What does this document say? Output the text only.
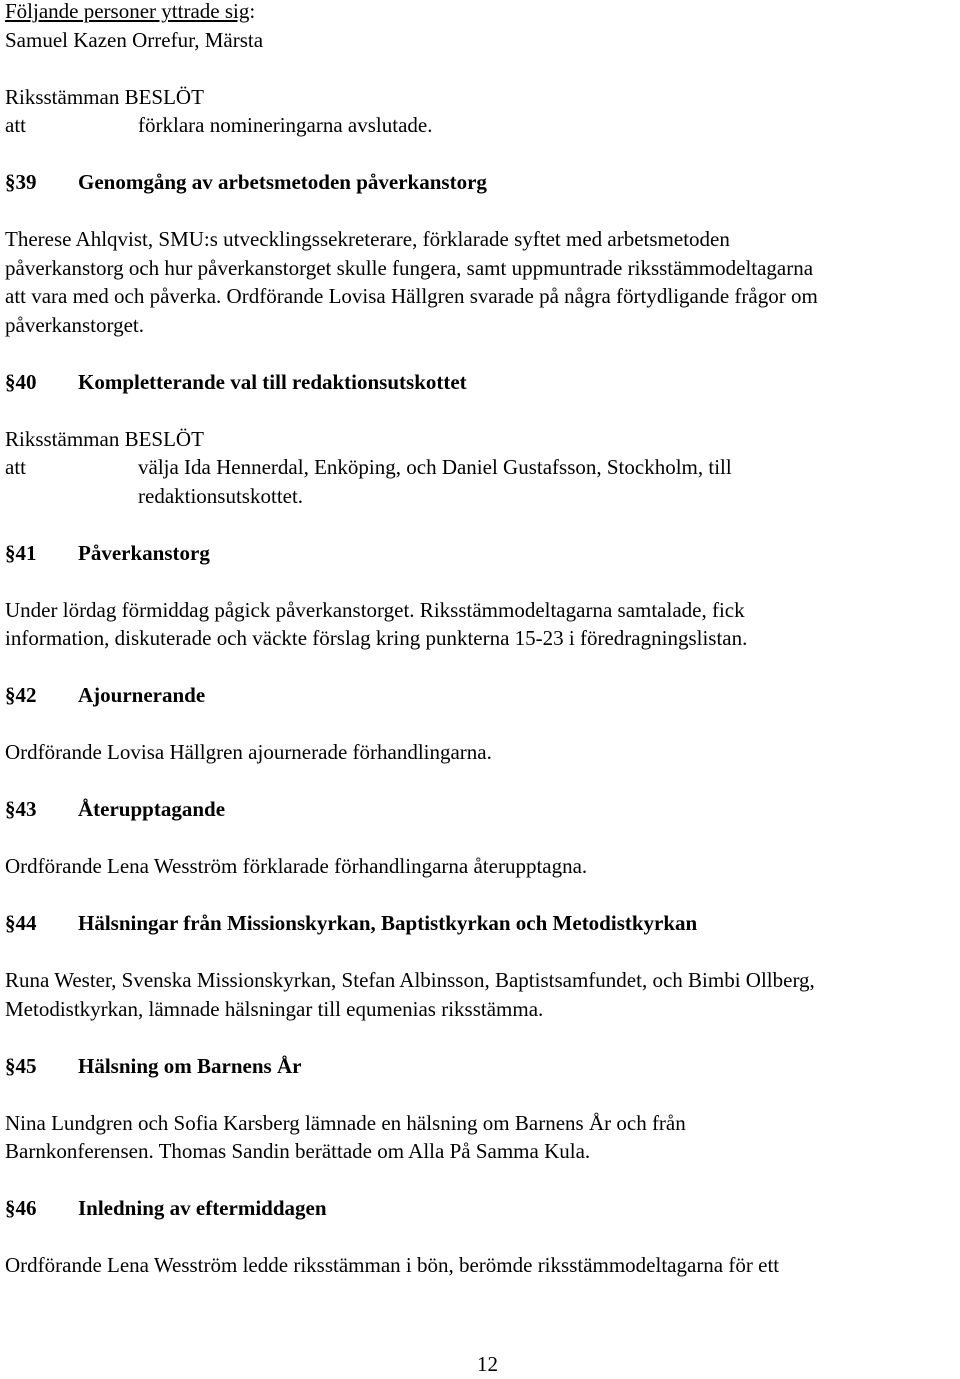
Följande personer yttrade sig:

Samuel Kazen Orrefur, Märsta

Riksstämman BESLÖT

att	förklara nomineringarna avslutade.

§39	Genomgång av arbetsmetoden påverkanstorg

Therese Ahlqvist, SMU:s utvecklingssekreterare, förklarade syftet med arbetsmetoden

påverkanstorg och hur påverkanstorget skulle fungera, samt uppmuntrade riksstämmodeltagarna

att vara med och påverka. Ordförande Lovisa Hällgren svarade på några förtydligande frågor om

påverkanstorget.

§40	Kompletterande val till redaktionsutskottet

Riksstämman BESLÖT

att	välja Ida Hennerdal, Enköping, och Daniel Gustafsson, Stockholm, till
redaktionsutskottet.

§41	Påverkanstorg

Under lördag förmiddag pågick påverkanstorget. Riksstämmodeltagarna samtalade, fick

information, diskuterade och väckte förslag kring punkterna 15-23 i föredragningslistan.

§42	Ajournerande

Ordförande Lovisa Hällgren ajournerade förhandlingarna.

§43	Återupptagande

Ordförande Lena Wesström förklarade förhandlingarna återupptagna.

§44	Hälsningar från Missionskyrkan, Baptistkyrkan och Metodistkyrkan

Runa Wester, Svenska Missionskyrkan, Stefan Albinsson, Baptistsamfundet, och Bimbi Ollberg,

Metodistkyrkan, lämnade hälsningar till equmenias riksstämma.

§45	Hälsning om Barnens År

Nina Lundgren och Sofia Karsberg lämnade en hälsning om Barnens År och från

Barnkonferensen. Thomas Sandin berättade om Alla På Samma Kula.

§46	Inledning av eftermiddagen

Ordförande Lena Wesström ledde riksstämman i bön, berömde riksstämmodeltagarna för ett

12
